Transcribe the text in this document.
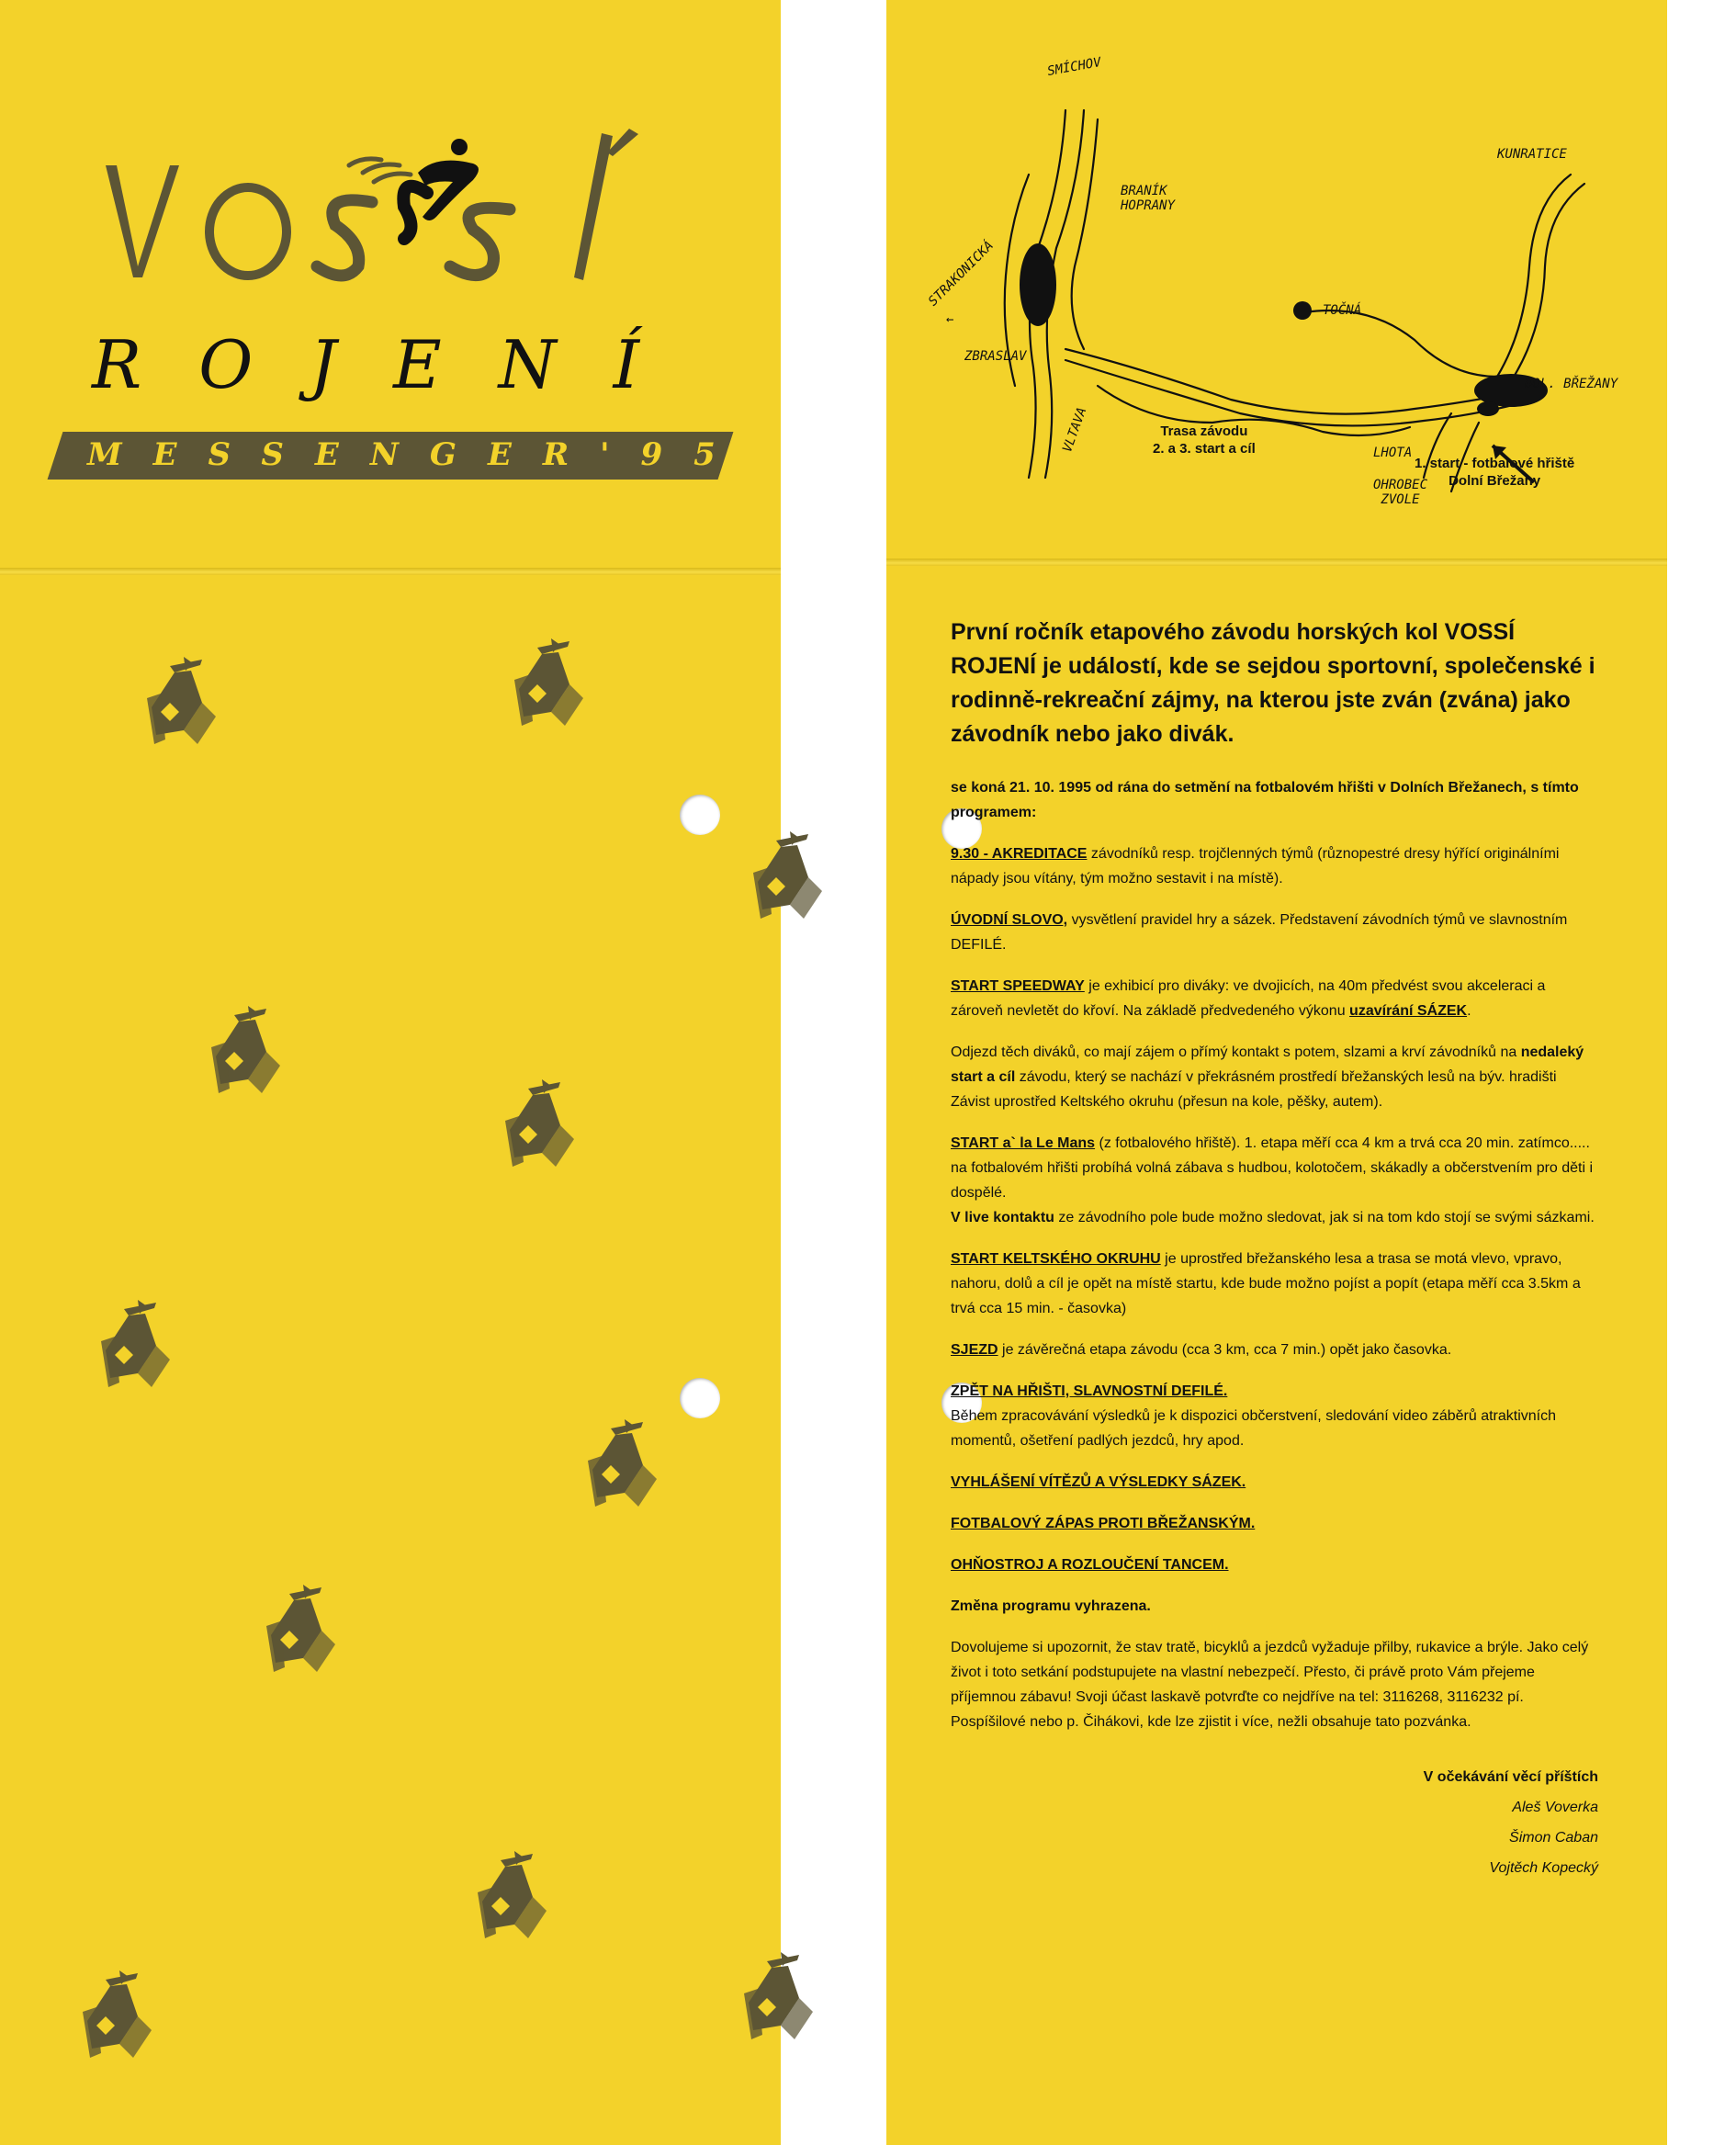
ROJENÍ
MESSENGER'95
SMÍCHOV
BRANÍK
HOPRANY
STRAKONICKÁ
←
ZBRASLAV
VLTAVA
TOČNÁ
KUNRATICE
DOL. BŘEŽANY
LHOTA
OHROBEC
ZVOLE
Trasa závodu
2. a 3. start a cíl
1. start - fotbalové hřiště
Dolní Břežany

První ročník etapového závodu horských kol VOSSÍ ROJENÍ je událostí, kde se sejdou sportovní, společenské i rodinně-rekreační zájmy, na kterou jste zván (zvána) jako závodník nebo jako divák.

se koná 21. 10. 1995 od rána do setmění na fotbalovém hřišti v Dolních Břežanech, s tímto programem:

9.30 - AKREDITACE závodníků resp. trojčlenných týmů (různopestré dresy hýřící originálními nápady jsou vítány, tým možno sestavit i na místě).

ÚVODNÍ SLOVO, vysvětlení pravidel hry a sázek. Představení závodních týmů ve slavnostním DEFILÉ.

START SPEEDWAY je exhibicí pro diváky: ve dvojicích, na 40m předvést svou akceleraci a zároveň nevletět do křoví. Na základě předvedeného výkonu uzavírání SÁZEK.

Odjezd těch diváků, co mají zájem o přímý kontakt s potem, slzami a krví závodníků na nedaleký start a cíl závodu, který se nachází v překrásném prostředí břežanských lesů na býv. hradišti Závist uprostřed Keltského okruhu (přesun na kole, pěšky, autem).

START a` la Le Mans (z fotbalového hřiště). 1. etapa měří cca 4 km a trvá cca 20 min. zatímco..... na fotbalovém hřišti probíhá volná zábava s hudbou, kolotočem, skákadly a občerstvením pro děti i dospělé.
V live kontaktu ze závodního pole bude možno sledovat, jak si na tom kdo stojí se svými sázkami.

START KELTSKÉHO OKRUHU je uprostřed břežanského lesa a trasa se motá vlevo, vpravo, nahoru, dolů a cíl je opět na místě startu, kde bude možno pojíst a popít (etapa měří cca 3.5km a trvá cca 15 min. - časovka)

SJEZD je závěrečná etapa závodu (cca 3 km, cca 7 min.) opět jako časovka.

ZPĚT NA HŘIŠTI, SLAVNOSTNÍ DEFILÉ.
Během zpracovávání výsledků je k dispozici občerstvení, sledování video záběrů atraktivních momentů, ošetření padlých jezdců, hry apod.

VYHLÁŠENÍ VÍTĚZŮ A VÝSLEDKY SÁZEK.

FOTBALOVÝ ZÁPAS PROTI BŘEŽANSKÝM.

OHŇOSTROJ A ROZLOUČENÍ TANCEM.

Změna programu vyhrazena.

Dovolujeme si upozornit, že stav tratě, bicyklů a jezdců vyžaduje přilby, rukavice a brýle. Jako celý život i toto setkání podstupujete na vlastní nebezpečí. Přesto, či právě proto Vám přejeme příjemnou zábavu! Svoji účast laskavě potvrďte co nejdříve na tel: 3116268, 3116232 pí. Pospíšilové nebo p. Čihákovi, kde lze zjistit i více, nežli obsahuje tato pozvánka.

V očekávání věcí příštích
Aleš Voverka
Šimon Caban
Vojtěch Kopecký
